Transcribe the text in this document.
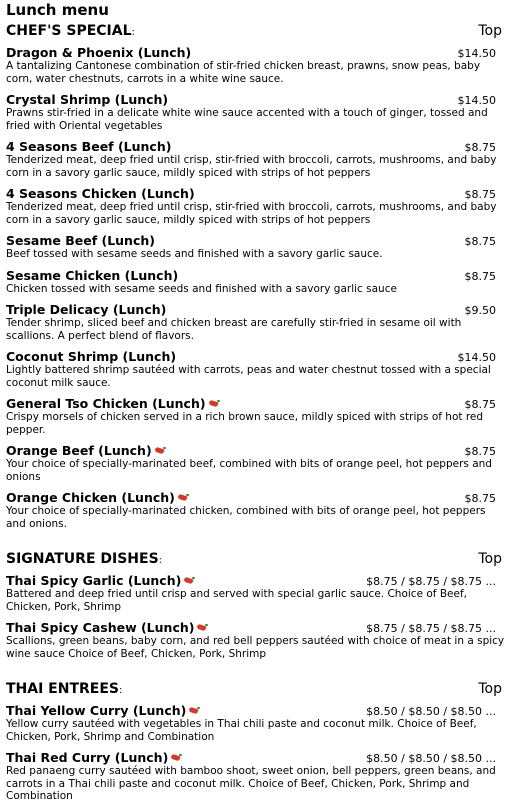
Lunch menu
CHEF'S SPECIAL:	Top
Dragon & Phoenix (Lunch)	$14.50
A tantalizing Cantonese combination of stir-fried chicken breast, prawns, snow peas, baby corn, water chestnuts, carrots in a white wine sauce.
Crystal Shrimp (Lunch)	$14.50
Prawns stir-fried in a delicate white wine sauce accented with a touch of ginger, tossed and fried with Oriental vegetables
4 Seasons Beef (Lunch)	$8.75
Tenderized meat, deep fried until crisp, stir-fried with broccoli, carrots, mushrooms, and baby corn in a savory garlic sauce, mildly spiced with strips of hot peppers
4 Seasons Chicken (Lunch)	$8.75
Tenderized meat, deep fried until crisp, stir-fried with broccoli, carrots, mushrooms, and baby corn in a savory garlic sauce, mildly spiced with strips of hot peppers
Sesame Beef (Lunch)	$8.75
Beef tossed with sesame seeds and finished with a savory garlic sauce.
Sesame Chicken (Lunch)	$8.75
Chicken tossed with sesame seeds and finished with a savory garlic sauce
Triple Delicacy (Lunch)	$9.50
Tender shrimp, sliced beef and chicken breast are carefully stir-fried in sesame oil with scallions. A perfect blend of flavors.
Coconut Shrimp (Lunch)	$14.50
Lightly battered shrimp sautéed with carrots, peas and water chestnut tossed with a special coconut milk sauce.
General Tso Chicken (Lunch)	$8.75
Crispy morsels of chicken served in a rich brown sauce, mildly spiced with strips of hot red pepper.
Orange Beef (Lunch)	$8.75
Your choice of specially-marinated beef, combined with bits of orange peel, hot peppers and onions
Orange Chicken (Lunch)	$8.75
Your choice of specially-marinated chicken, combined with bits of orange peel, hot peppers and onions.
SIGNATURE DISHES:	Top
Thai Spicy Garlic (Lunch)	$8.75 / $8.75 / $8.75 ...
Battered and deep fried until crisp and served with special garlic sauce. Choice of Beef, Chicken, Pork, Shrimp
Thai Spicy Cashew (Lunch)	$8.75 / $8.75 / $8.75 ...
Scallions, green beans, baby corn, and red bell peppers sautéed with choice of meat in a spicy wine sauce Choice of Beef, Chicken, Pork, Shrimp
THAI ENTREES:	Top
Thai Yellow Curry (Lunch)	$8.50 / $8.50 / $8.50 ...
Yellow curry sautéed with vegetables in Thai chili paste and coconut milk. Choice of Beef, Chicken, Pork, Shrimp and Combination
Thai Red Curry (Lunch)	$8.50 / $8.50 / $8.50 ...
Red panaeng curry sautéed with bamboo shoot, sweet onion, bell peppers, green beans, and carrots in a Thai chili paste and coconut milk. Choice of Beef, Chicken, Pork, Shrimp and Combination
